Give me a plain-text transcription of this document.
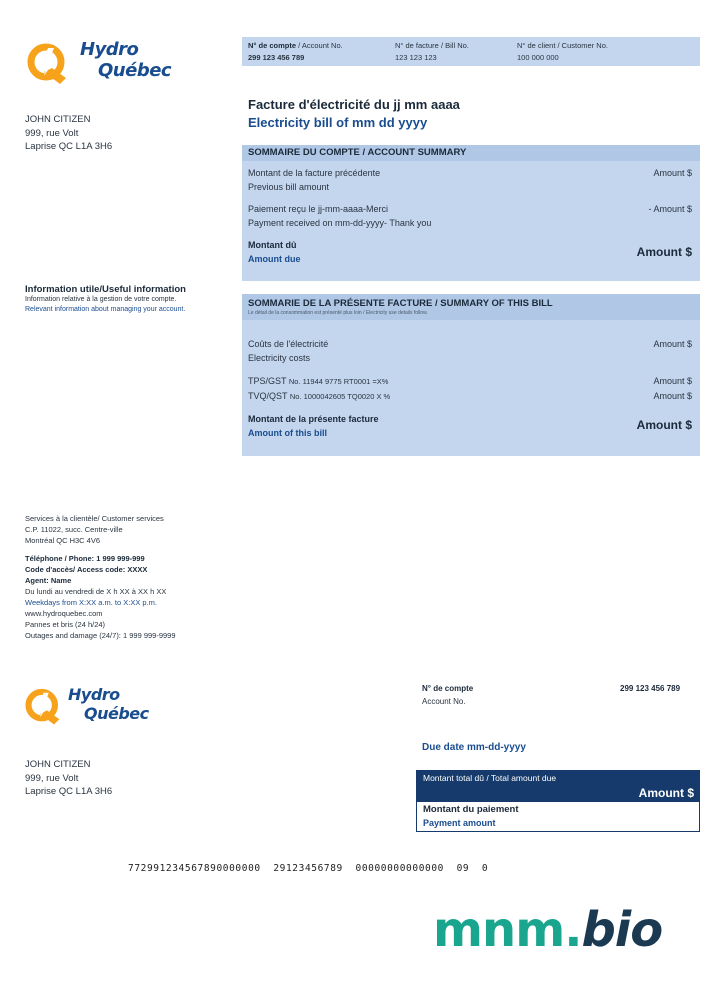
Hydro
Québec
JOHN CITIZEN
999, rue Volt
Laprise QC L1A 3H6
N° de compte / Account No.
299 123 456 789
N° de facture / Bill No.
123 123 123
N° de client / Customer No.
100 000 000
Facture d'électricité du jj mm aaaa
Electricity bill of mm dd yyyy
SOMMAIRE DU COMPTE / ACCOUNT SUMMARY
Montant de la facture précédente
Previous bill amount
Amount $
Paiement reçu le jj-mm-aaaa-Merci
Payment received on mm-dd-yyyy- Thank you
- Amount $
Montant dû
Amount due	Amount $
Information utile/Useful information
Information relative à la gestion de votre compte.
Relevant information about managing your account.
SOMMARIE DE LA PRÉSENTE FACTURE / SUMMARY OF THIS BILL
Le détail de la consommation est présenté plus loin / Electricity use details follow.
Coûts de l'électricité
Electricity costs
Amount $
TPS/GST No. 11944 9775 RT0001 =X%	Amount $
TVQ/QST No. 1000042605 TQ0020 X %	Amount $
Montant de la présente facture
Amount of this bill
Amount $
Services à la clientèle/ Customer services
C.P. 11022, succ. Centre-ville
Montréal QC H3C 4V6
Téléphone / Phone: 1 999 999-999
Code d'accès/ Access code: XXXX
Agent: Name
Du lundi au vendredi de X h XX à XX h XX
Weekdays from X:XX a.m. to X:XX p.m.
www.hydroquebec.com
Pannes et bris (24 h/24)
Outages and damage (24/7): 1 999 999-9999
Hydro
Québec
JOHN CITIZEN
999, rue Volt
Laprise QC L1A 3H6
N° de compte
Account No.
299 123 456 789
Due date mm-dd-yyyy
Montant total dû / Total amount due
Amount $
Montant du paiement
Payment amount
772991234567890000000  29123456789  00000000000000  09  0
mnm.bio
